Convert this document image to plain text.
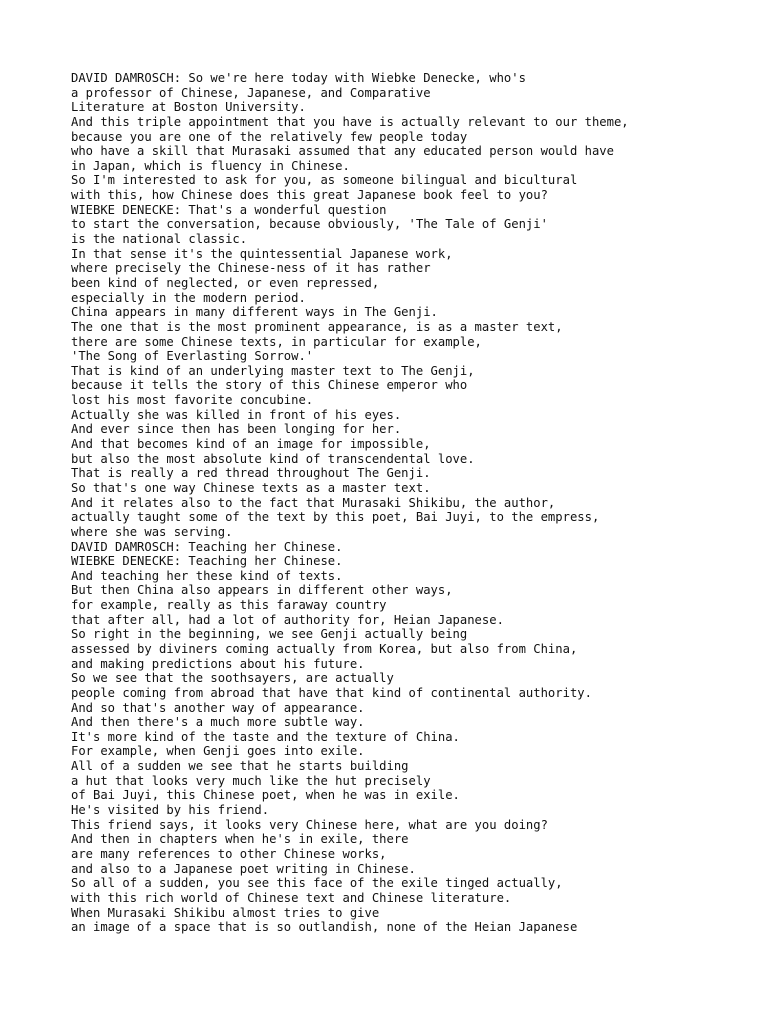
DAVID DAMROSCH: So we're here today with Wiebke Denecke, who's
a professor of Chinese, Japanese, and Comparative
Literature at Boston University.
And this triple appointment that you have is actually relevant to our theme,
because you are one of the relatively few people today
who have a skill that Murasaki assumed that any educated person would have
in Japan, which is fluency in Chinese.
So I'm interested to ask for you, as someone bilingual and bicultural
with this, how Chinese does this great Japanese book feel to you?
WIEBKE DENECKE: That's a wonderful question
to start the conversation, because obviously, 'The Tale of Genji'
is the national classic.
In that sense it's the quintessential Japanese work,
where precisely the Chinese-ness of it has rather
been kind of neglected, or even repressed,
especially in the modern period.
China appears in many different ways in The Genji.
The one that is the most prominent appearance, is as a master text,
there are some Chinese texts, in particular for example,
'The Song of Everlasting Sorrow.'
That is kind of an underlying master text to The Genji,
because it tells the story of this Chinese emperor who
lost his most favorite concubine.
Actually she was killed in front of his eyes.
And ever since then has been longing for her.
And that becomes kind of an image for impossible,
but also the most absolute kind of transcendental love.
That is really a red thread throughout The Genji.
So that's one way Chinese texts as a master text.
And it relates also to the fact that Murasaki Shikibu, the author,
actually taught some of the text by this poet, Bai Juyi, to the empress,
where she was serving.
DAVID DAMROSCH: Teaching her Chinese.
WIEBKE DENECKE: Teaching her Chinese.
And teaching her these kind of texts.
But then China also appears in different other ways,
for example, really as this faraway country
that after all, had a lot of authority for, Heian Japanese.
So right in the beginning, we see Genji actually being
assessed by diviners coming actually from Korea, but also from China,
and making predictions about his future.
So we see that the soothsayers, are actually
people coming from abroad that have that kind of continental authority.
And so that's another way of appearance.
And then there's a much more subtle way.
It's more kind of the taste and the texture of China.
For example, when Genji goes into exile.
All of a sudden we see that he starts building
a hut that looks very much like the hut precisely
of Bai Juyi, this Chinese poet, when he was in exile.
He's visited by his friend.
This friend says, it looks very Chinese here, what are you doing?
And then in chapters when he's in exile, there
are many references to other Chinese works,
and also to a Japanese poet writing in Chinese.
So all of a sudden, you see this face of the exile tinged actually,
with this rich world of Chinese text and Chinese literature.
When Murasaki Shikibu almost tries to give
an image of a space that is so outlandish, none of the Heian Japanese
